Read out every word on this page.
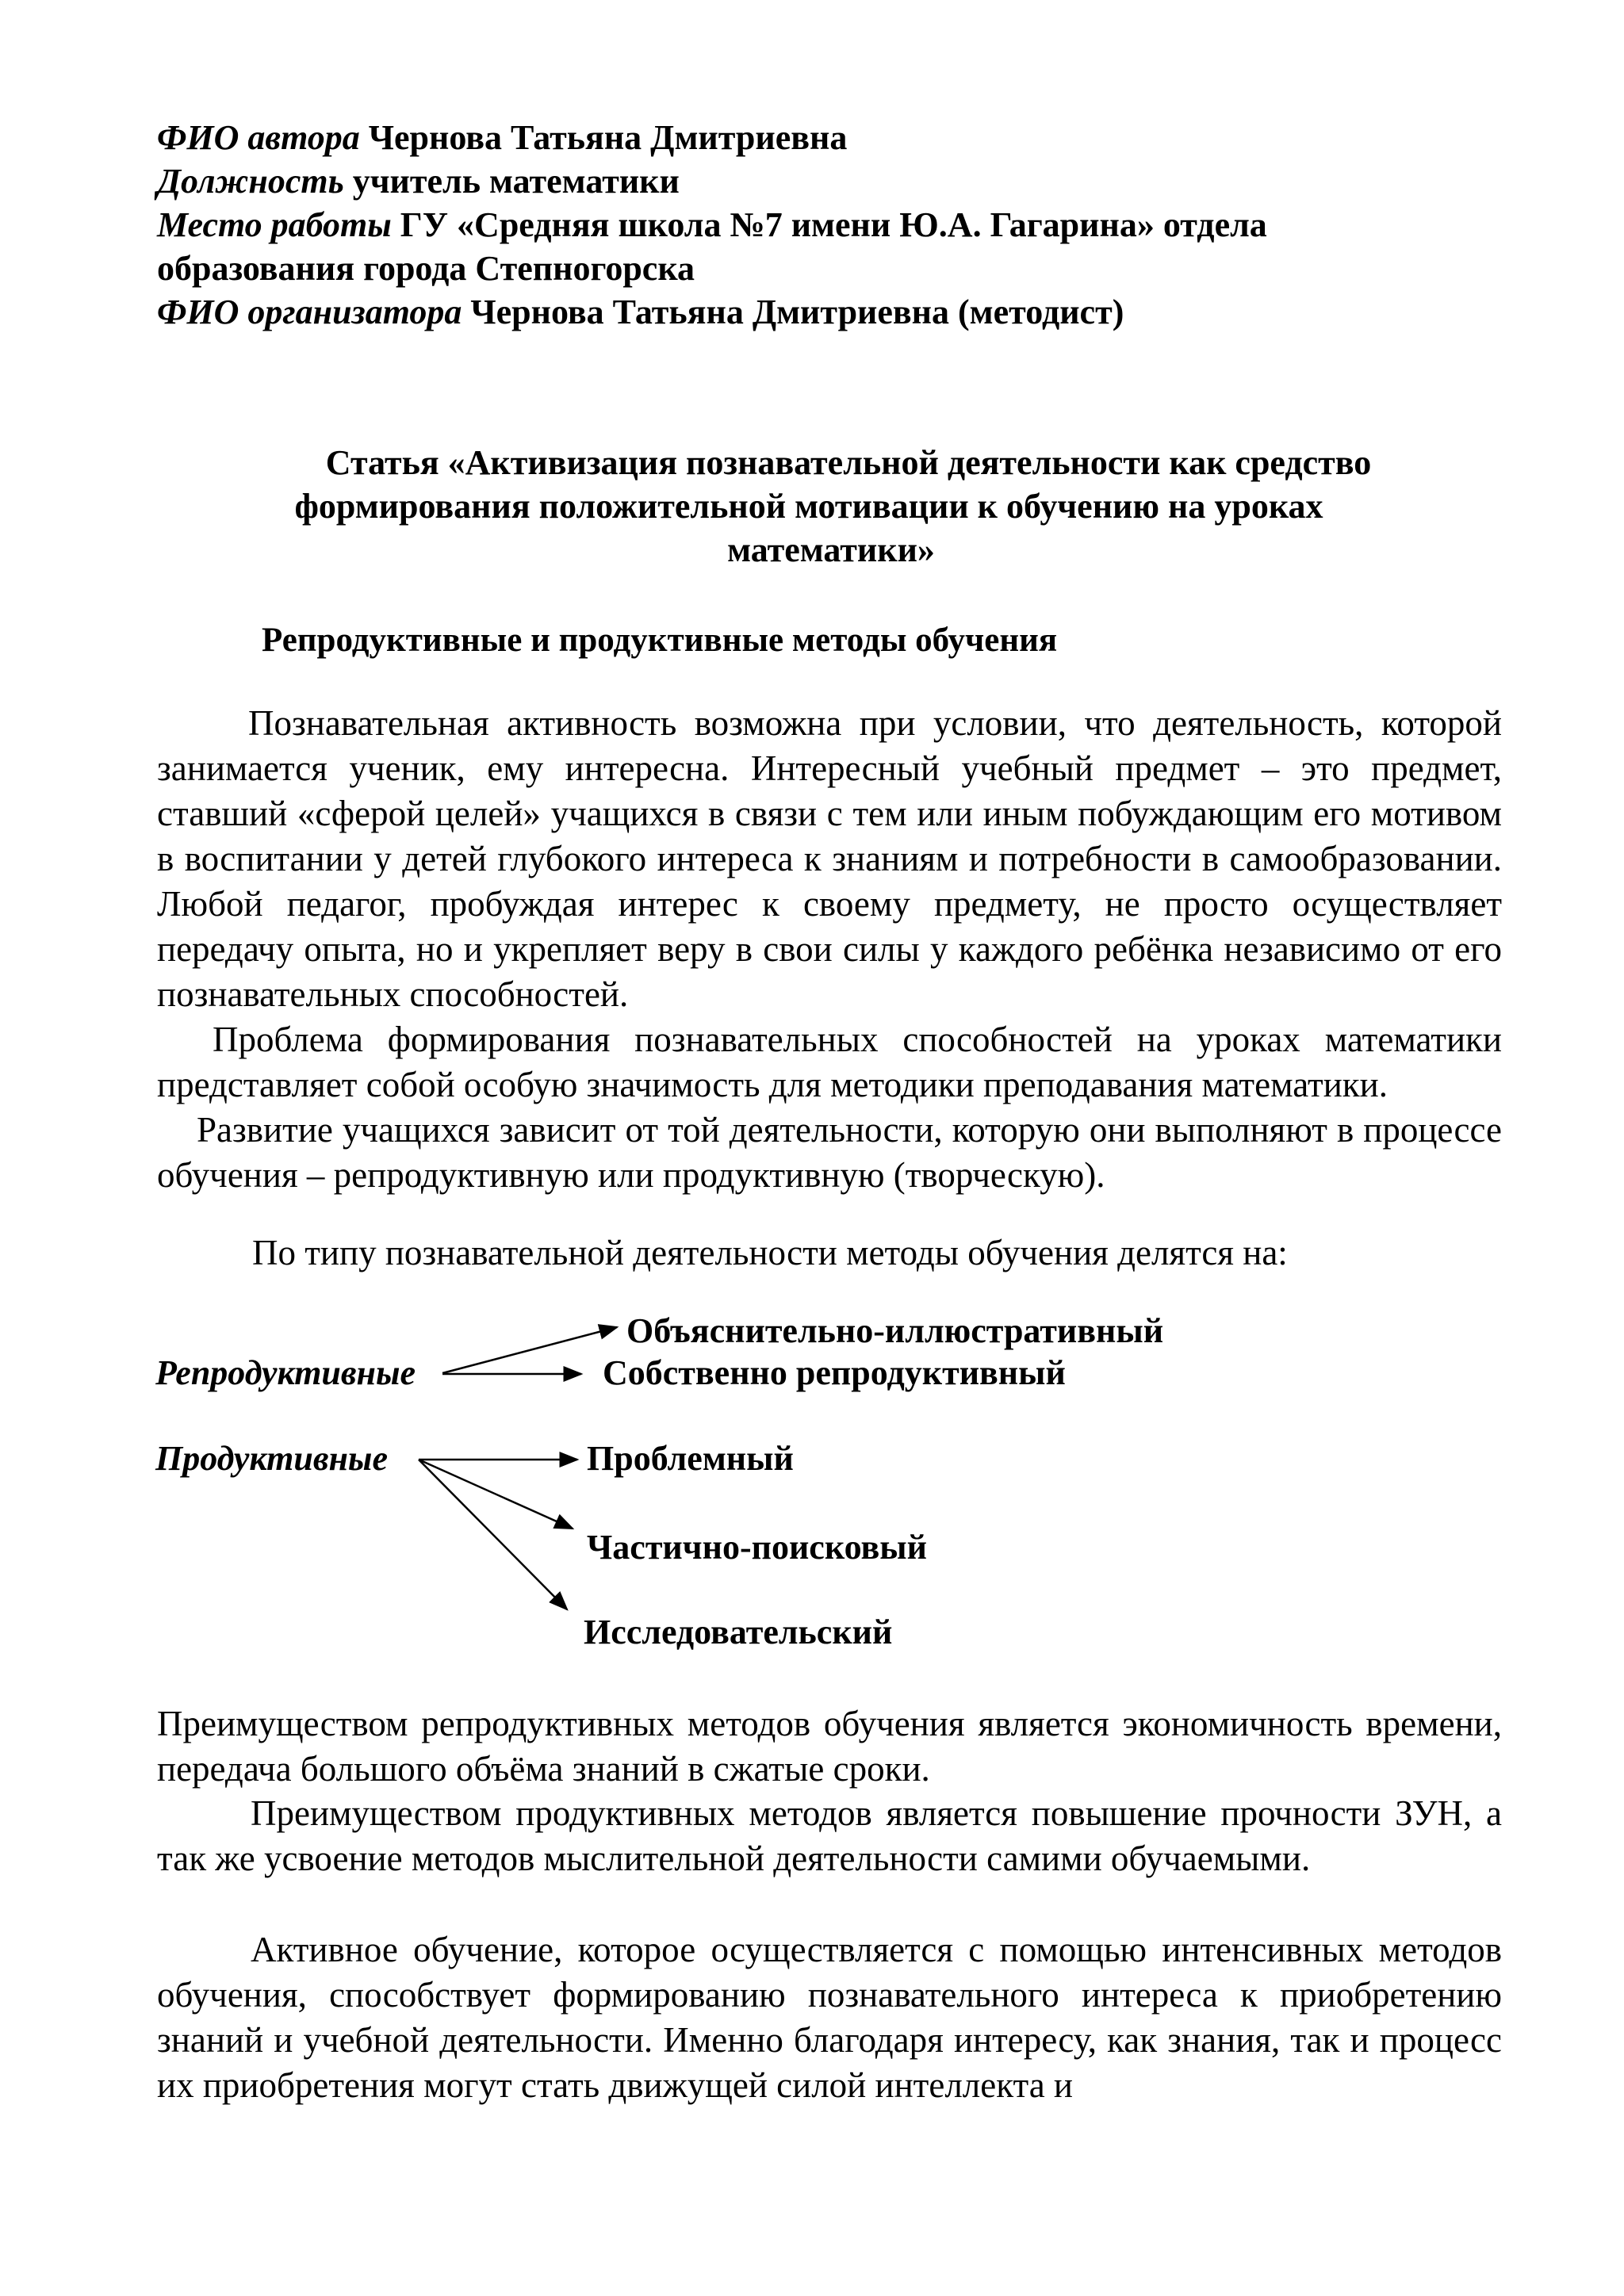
ФИО автора Чернова Татьяна Дмитриевна
Должность учитель математики
Место работы ГУ «Средняя школа №7 имени Ю.А. Гагарина» отдела
образования города Степногорска
ФИО организатора Чернова Татьяна Дмитриевна (методист)
Статья «Активизация познавательной деятельности как средство
формирования положительной мотивации к обучению на уроках
математики»
Репродуктивные и продуктивные методы обучения
Познавательная активность возможна при условии, что деятельность, которой занимается ученик, ему интересна. Интересный учебный предмет – это предмет, ставший «сферой целей» учащихся в связи с тем или иным побуждающим его мотивом в воспитании у детей глубокого интереса к знаниям и потребности в самообразовании. Любой педагог, пробуждая интерес к своему предмету, не просто осуществляет передачу опыта, но и укрепляет веру в свои силы у каждого ребёнка независимо от его познавательных способностей.
Проблема формирования познавательных способностей на уроках математики представляет собой особую значимость для методики преподавания математики.
Развитие учащихся зависит от той деятельности, которую они выполняют в процессе обучения – репродуктивную или продуктивную (творческую).
По типу познавательной деятельности методы обучения делятся на:
Объяснительно-иллюстративный
Репродуктивные	Собственно репродуктивный
Продуктивные	Проблемный
Частично-поисковый
Исследовательский
Преимуществом репродуктивных методов обучения является экономичность времени, передача большого объёма знаний в сжатые сроки.
Преимуществом продуктивных методов является повышение прочности ЗУН, а так же усвоение методов мыслительной деятельности самими обучаемыми.
Активное обучение, которое осуществляется с помощью интенсивных методов обучения, способствует формированию познавательного интереса к приобретению знаний и учебной деятельности. Именно благодаря интересу, как знания, так и процесс их приобретения могут стать движущей силой интеллекта и
